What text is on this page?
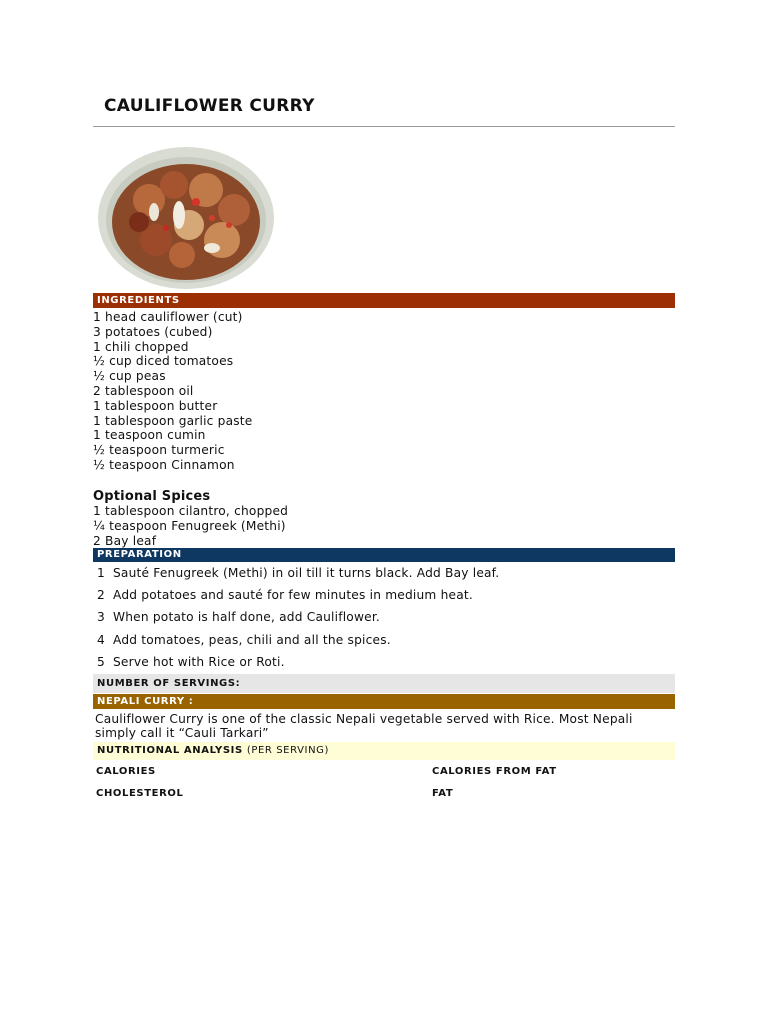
CAULIFLOWER CURRY
INGREDIENTS
1 head cauliflower (cut)
3 potatoes (cubed)
1 chili chopped
½ cup diced tomatoes
½ cup peas
2 tablespoon oil
1 tablespoon butter
1 tablespoon garlic paste
1 teaspoon cumin
½ teaspoon turmeric
½ teaspoon Cinnamon
Optional Spices
1 tablespoon cilantro, chopped
¼ teaspoon Fenugreek (Methi)
2 Bay leaf
PREPARATION
1 Sauté Fenugreek (Methi) in oil till it turns black. Add Bay leaf.
2 Add potatoes and sauté for few minutes in medium heat.
3 When potato is half done, add Cauliflower.
4 Add tomatoes, peas, chili and all the spices.
5 Serve hot with Rice or Roti.
NUMBER OF SERVINGS:
NEPALI CURRY :
Cauliflower Curry is one of the classic Nepali vegetable served with Rice. Most Nepali simply call it “Cauli Tarkari”
NUTRITIONAL ANALYSIS (PER SERVING)
CALORIES	CALORIES FROM FAT
CHOLESTEROL	FAT
